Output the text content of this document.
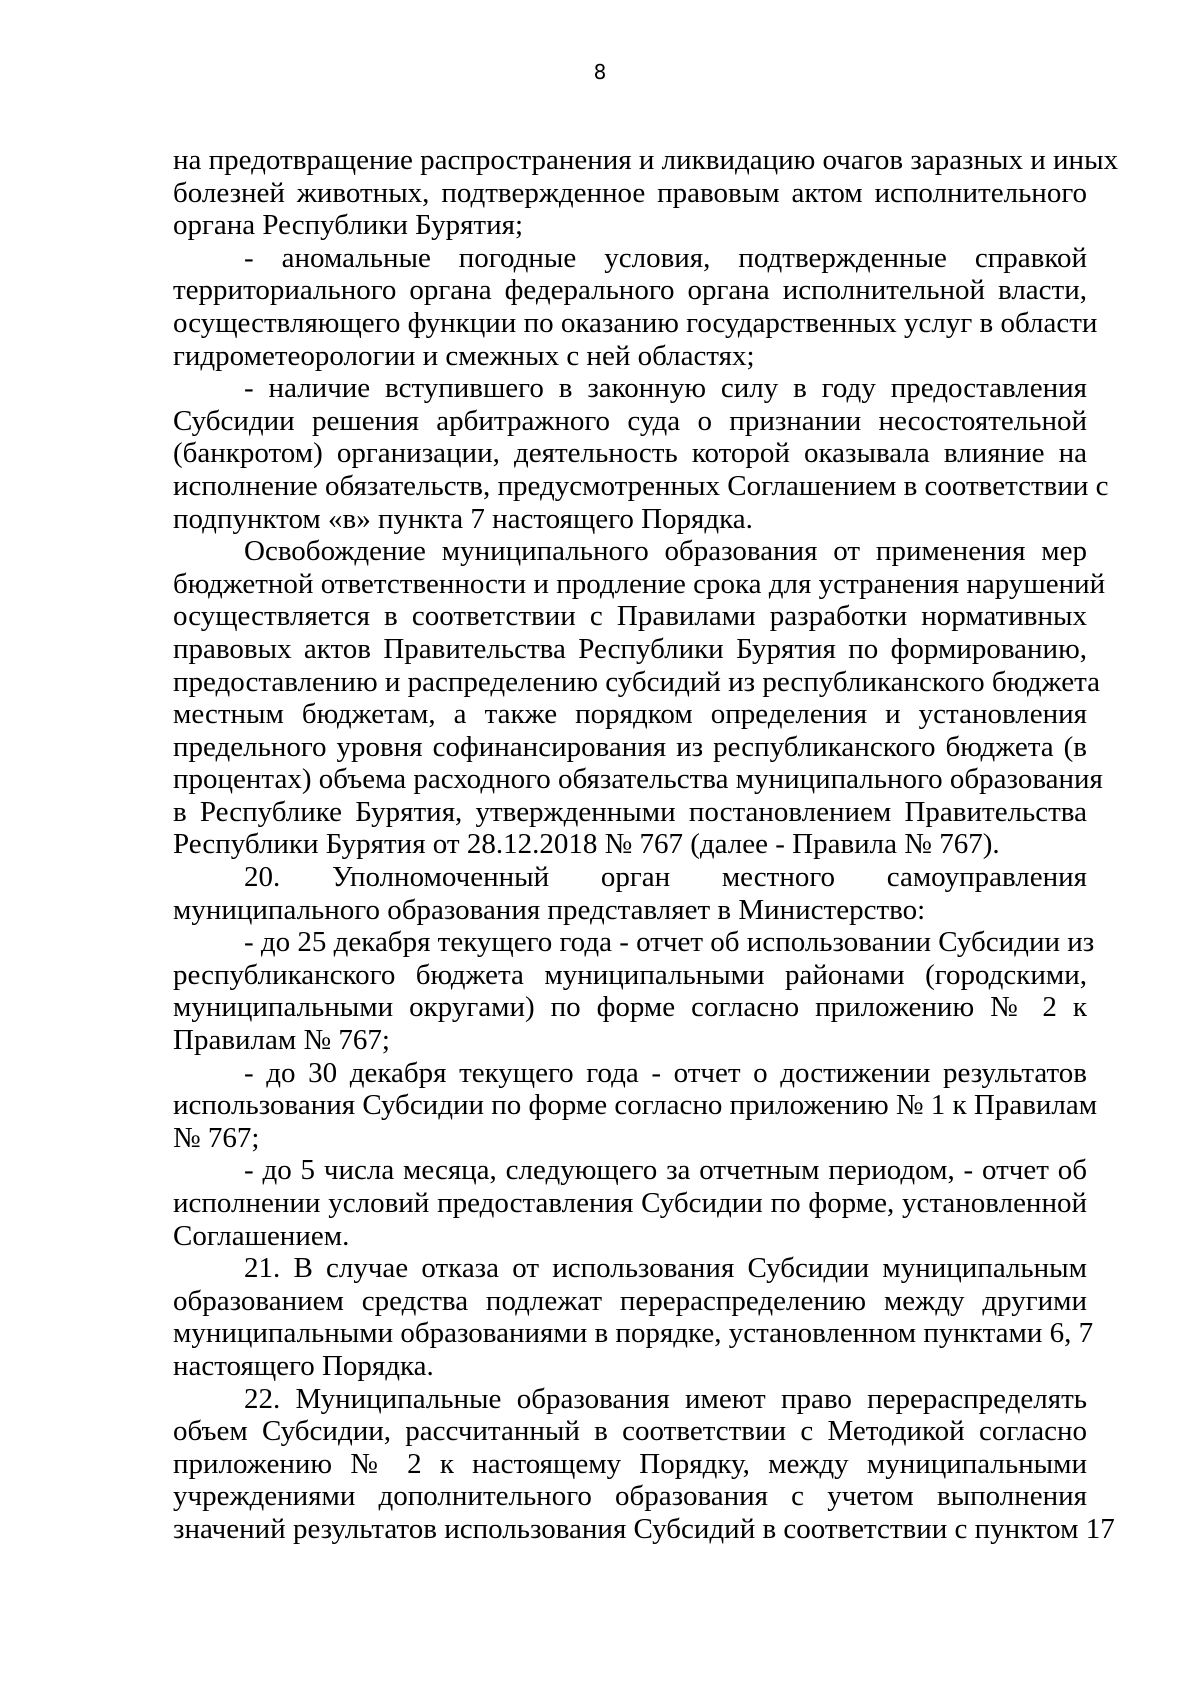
8
на предотвращение распространения и ликвидацию очагов заразных и иных
болезней животных, подтвержденное правовым актом исполнительного
органа Республики Бурятия;
- аномальные погодные условия, подтвержденные справкой
территориального органа федерального органа исполнительной власти,
осуществляющего функции по оказанию государственных услуг в области
гидрометеорологии и смежных с ней областях;
- наличие вступившего в законную силу в году предоставления
Субсидии решения арбитражного суда о признании несостоятельной
(банкротом) организации, деятельность которой оказывала влияние на
исполнение обязательств, предусмотренных Соглашением в соответствии с
подпунктом «в» пункта 7 настоящего Порядка.
Освобождение муниципального образования от применения мер
бюджетной ответственности и продление срока для устранения нарушений
осуществляется в соответствии с Правилами разработки нормативных
правовых актов Правительства Республики Бурятия по формированию,
предоставлению и распределению субсидий из республиканского бюджета
местным бюджетам, а также порядком определения и установления
предельного уровня софинансирования из республиканского бюджета (в
процентах) объема расходного обязательства муниципального образования
в Республике Бурятия, утвержденными постановлением Правительства
Республики Бурятия от 28.12.2018 № 767 (далее - Правила № 767).
20. Уполномоченный орган местного самоуправления
муниципального образования представляет в Министерство:
- до 25 декабря текущего года - отчет об использовании Субсидии из
республиканского бюджета муниципальными районами (городскими,
муниципальными округами) по форме согласно приложению № 2 к
Правилам № 767;
- до 30 декабря текущего года - отчет о достижении результатов
использования Субсидии по форме согласно приложению № 1 к Правилам
№ 767;
- до 5 числа месяца, следующего за отчетным периодом, - отчет об
исполнении условий предоставления Субсидии по форме, установленной
Соглашением.
21. В случае отказа от использования Субсидии муниципальным
образованием средства подлежат перераспределению между другими
муниципальными образованиями в порядке, установленном пунктами 6, 7
настоящего Порядка.
22. Муниципальные образования имеют право перераспределять
объем Субсидии, рассчитанный в соответствии с Методикой согласно
приложению № 2 к настоящему Порядку, между муниципальными
учреждениями дополнительного образования с учетом выполнения
значений результатов использования Субсидий в соответствии с пунктом 17
